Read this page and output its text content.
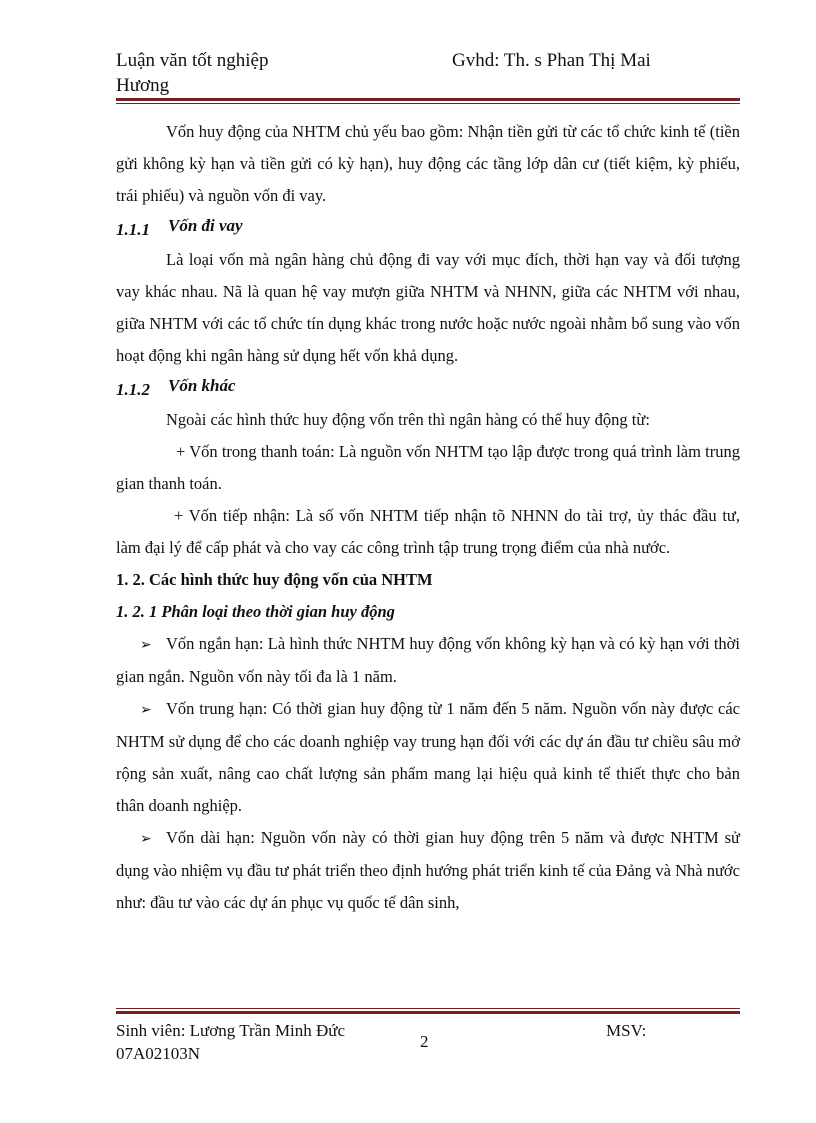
Luận văn tốt nghiệp
Hương
Gvhd: Th. s Phan Thị Mai

Vốn huy động của NHTM chủ yếu bao gồm: Nhận tiền gửi từ các tổ chức kinh tế (tiền gửi không kỳ hạn và tiền gửi có kỳ hạn), huy động các tầng lớp dân cư (tiết kiệm, kỳ phiếu, trái phiếu) và nguồn vốn đi vay.

1.1.1 Vốn đi vay

Là loại vốn mà ngân hàng chủ động đi vay với mục đích, thời hạn vay và đối tượng vay khác nhau. Nã là quan hệ vay mượn giữa NHTM và NHNN, giữa các NHTM với nhau, giữa NHTM với các tổ chức tín dụng khác trong nước hoặc nước ngoài nhằm bổ sung vào vốn hoạt động khi ngân hàng sử dụng hết vốn khả dụng.

1.1.2 Vốn khác

Ngoài các hình thức huy động vốn trên thì ngân hàng có thể huy động từ:

+ Vốn trong thanh toán: Là nguồn vốn NHTM tạo lập được trong quá trình làm trung gian thanh toán.

+ Vốn tiếp nhận: Là số vốn NHTM tiếp nhận tõ NHNN do tài trợ, ủy thác đầu tư, làm đại lý để cấp phát và cho vay các công trình tập trung trọng điểm của nhà nước.

1. 2. Các hình thức huy động vốn của NHTM

1. 2. 1 Phân loại theo thời gian huy động

➢ Vốn ngắn hạn: Là hình thức NHTM huy động vốn không kỳ hạn và có kỳ hạn với thời gian ngắn. Nguồn vốn này tối đa là 1 năm.

➢ Vốn trung hạn: Có thời gian huy động từ 1 năm đến 5 năm. Nguồn vốn này được các NHTM sử dụng để cho các doanh nghiệp vay trung hạn đối với các dự án đầu tư chiều sâu mở rộng sản xuất, nâng cao chất lượng sản phẩm mang lại hiệu quả kinh tế thiết thực cho bản thân doanh nghiệp.

➢ Vốn dài hạn: Nguồn vốn này có thời gian huy động trên 5 năm và được NHTM sử dụng vào nhiệm vụ đầu tư phát triển theo định hướng phát triển kinh tế của Đảng và Nhà nước như: đầu tư vào các dự án phục vụ quốc tế dân sinh,

Sinh viên: Lương Trần Minh Đức
07A02103N
2
MSV:
